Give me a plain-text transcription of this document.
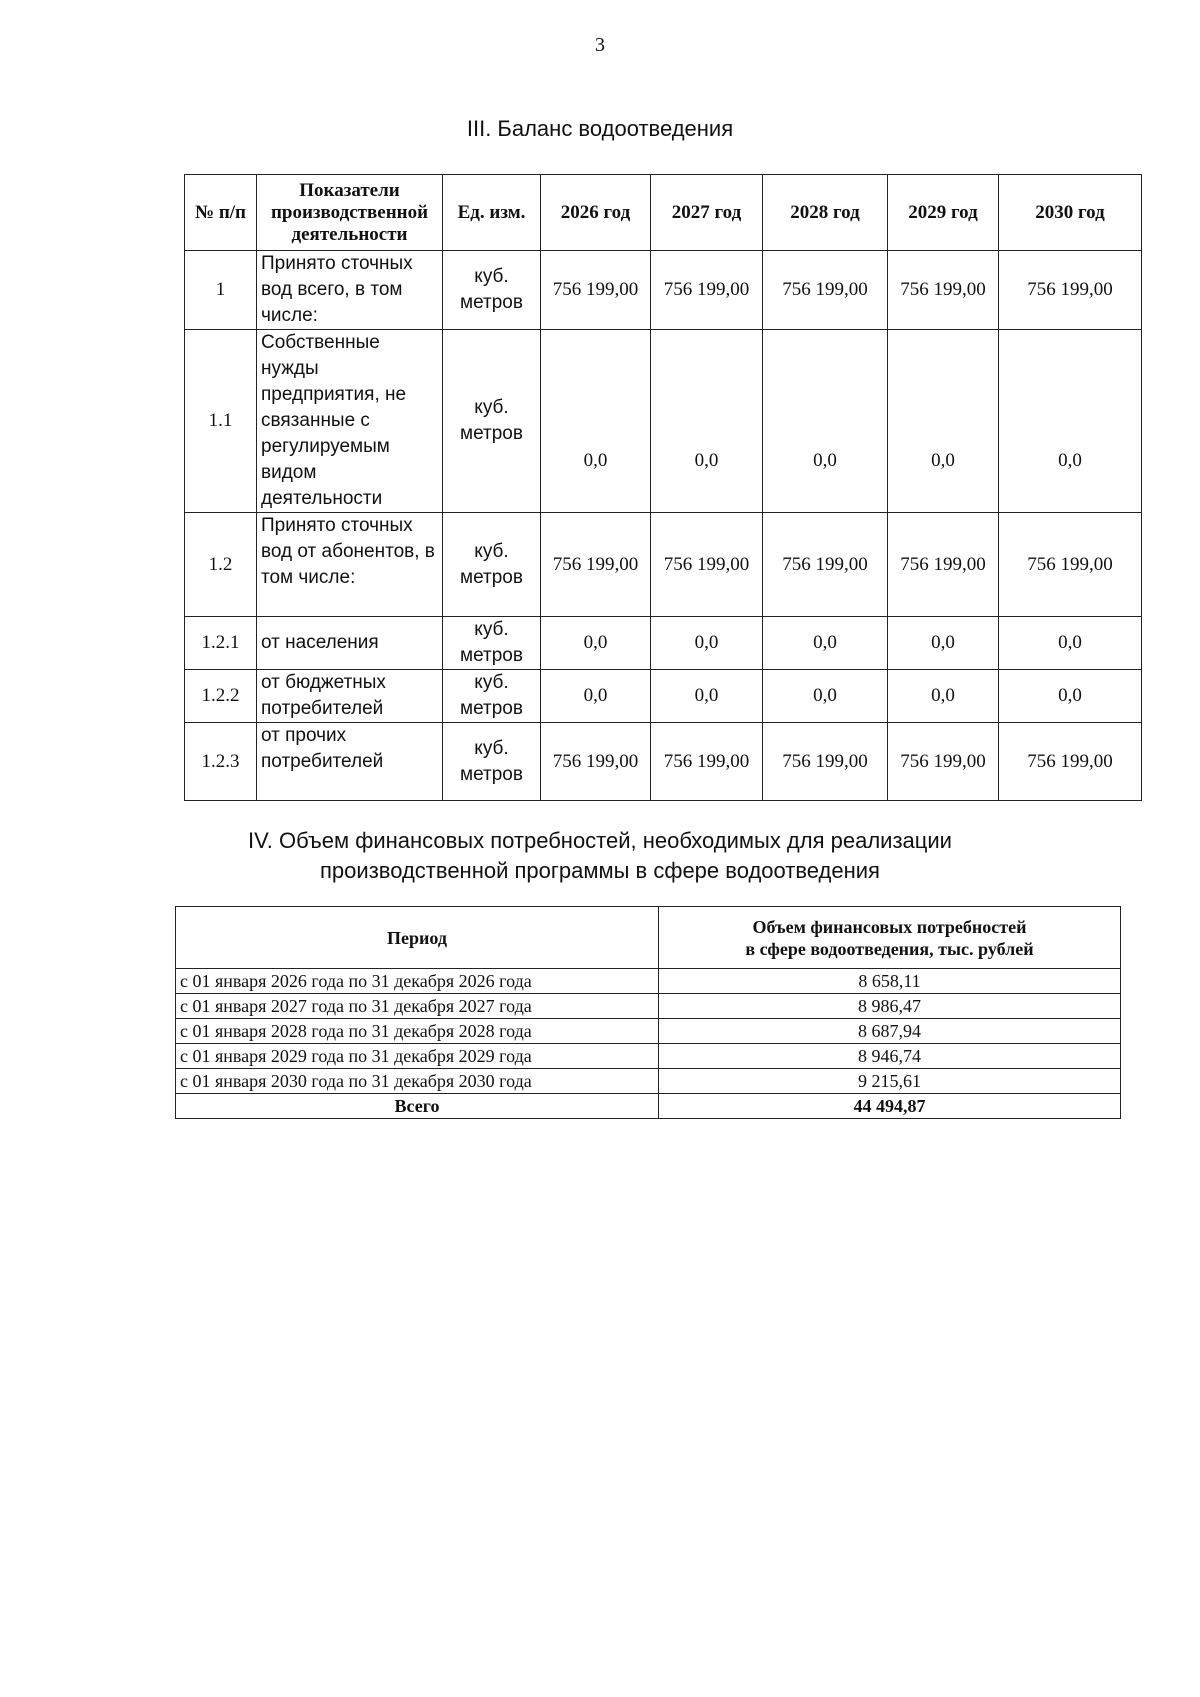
3
III. Баланс водоотведения
№ п/п	Показатели производственной деятельности	Ед. изм.	2026 год	2027 год	2028 год	2029 год	2030 год
1	Принято сточных вод всего, в том числе:	куб. метров	756 199,00	756 199,00	756 199,00	756 199,00	756 199,00
1.1	Собственные нужды предприятия, не связанные с регулируемым видом деятельности	куб. метров	0,0	0,0	0,0	0,0	0,0
1.2	Принято сточных вод от абонентов, в том числе:	куб. метров	756 199,00	756 199,00	756 199,00	756 199,00	756 199,00
1.2.1	от населения	куб. метров	0,0	0,0	0,0	0,0	0,0
1.2.2	от бюджетных потребителей	куб. метров	0,0	0,0	0,0	0,0	0,0
1.2.3	от прочих потребителей	куб. метров	756 199,00	756 199,00	756 199,00	756 199,00	756 199,00
IV. Объем финансовых потребностей, необходимых для реализации
производственной программы в сфере водоотведения
Период	Объем финансовых потребностей
в сфере водоотведения, тыс. рублей

с 01 января 2026 года по 31 декабря 2026 года	8 658,11
с 01 января 2027 года по 31 декабря 2027 года	8 986,47
с 01 января 2028 года по 31 декабря 2028 года	8 687,94
с 01 января 2029 года по 31 декабря 2029 года	8 946,74
с 01 января 2030 года по 31 декабря 2030 года	9 215,61
Всего	44 494,87
